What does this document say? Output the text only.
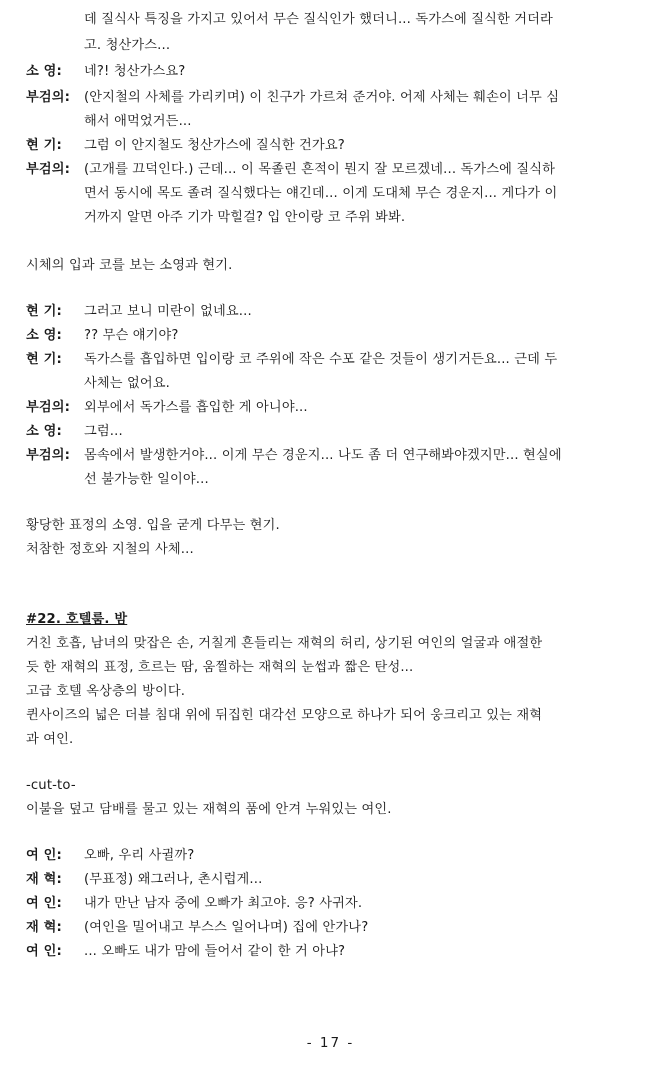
데 질식사 특징을 가지고 있어서 무슨 질식인가 했더니... 독가스에 질식한 거더라
고. 청산가스...
소 영: 네?! 청산가스요?
부검의: (안지철의 사체를 가리키며) 이 친구가 가르쳐 준거야. 어제 사체는 훼손이 너무 심
해서 애먹었거든...
현 기: 그럼 이 안지철도 청산가스에 질식한 건가요?
부검의: (고개를 끄덕인다.) 근데... 이 목졸린 흔적이 뭔지 잘 모르겠네... 독가스에 질식하
면서 동시에 목도 졸려 질식했다는 얘긴데... 이게 도대체 무슨 경운지... 게다가 이
거까지 알면 아주 기가 막힐걸? 입 안이랑 코 주위 봐봐.
시체의 입과 코를 보는 소영과 현기.
현 기: 그러고 보니 미란이 없네요...
소 영: ?? 무슨 얘기야?
현 기: 독가스를 흡입하면 입이랑 코 주위에 작은 수포 같은 것들이 생기거든요... 근데 두
사체는 없어요.
부검의: 외부에서 독가스를 흡입한 게 아니야...
소 영: 그럼...
부검의: 몸속에서 발생한거야... 이게 무슨 경운지... 나도 좀 더 연구해봐야겠지만... 현실에
선 불가능한 일이야...
황당한 표정의 소영. 입을 굳게 다무는 현기.
처참한 정호와 지철의 사체...
#22. 호텔룸. 밤
거친 호흡, 남녀의 맞잡은 손, 거칠게 흔들리는 재혁의 허리, 상기된 여인의 얼굴과 애절한
듯 한 재혁의 표정, 흐르는 땀, 움찔하는 재혁의 눈썹과 짧은 탄성...
고급 호텔 옥상층의 방이다.
퀸사이즈의 넓은 더블 침대 위에 뒤집힌 대각선 모양으로 하나가 되어 웅크리고 있는 재혁
과 여인.
-cut-to-
이불을 덮고 담배를 물고 있는 재혁의 품에 안겨 누워있는 여인.
여 인: 오빠, 우리 사귈까?
재 혁: (무표정) 왜그러나, 촌시럽게...
여 인: 내가 만난 남자 중에 오빠가 최고야. 응? 사귀자.
재 혁: (여인을 밀어내고 부스스 일어나며) 집에 안가나?
여 인: ... 오빠도 내가 맘에 들어서 같이 한 거 아냐?
- 17 -
